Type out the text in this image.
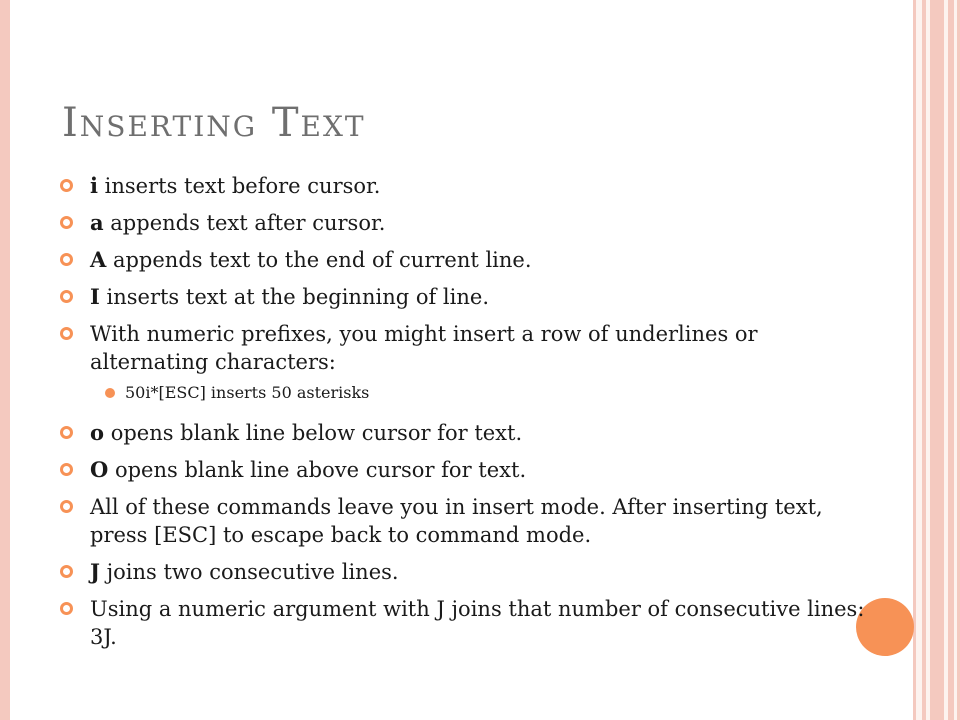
Inserting Text
i inserts text before cursor.
a appends text after cursor.
A appends text to the end of current line.
I inserts text at the beginning of line.
With numeric prefixes, you might insert a row of underlines or alternating characters:
50i*[ESC] inserts 50 asterisks
o opens blank line below cursor for text.
O opens blank line above cursor for text.
All of these commands leave you in insert mode. After inserting text, press [ESC] to escape back to command mode.
J joins two consecutive lines.
Using a numeric argument with J joins that number of consecutive lines: 3J.
